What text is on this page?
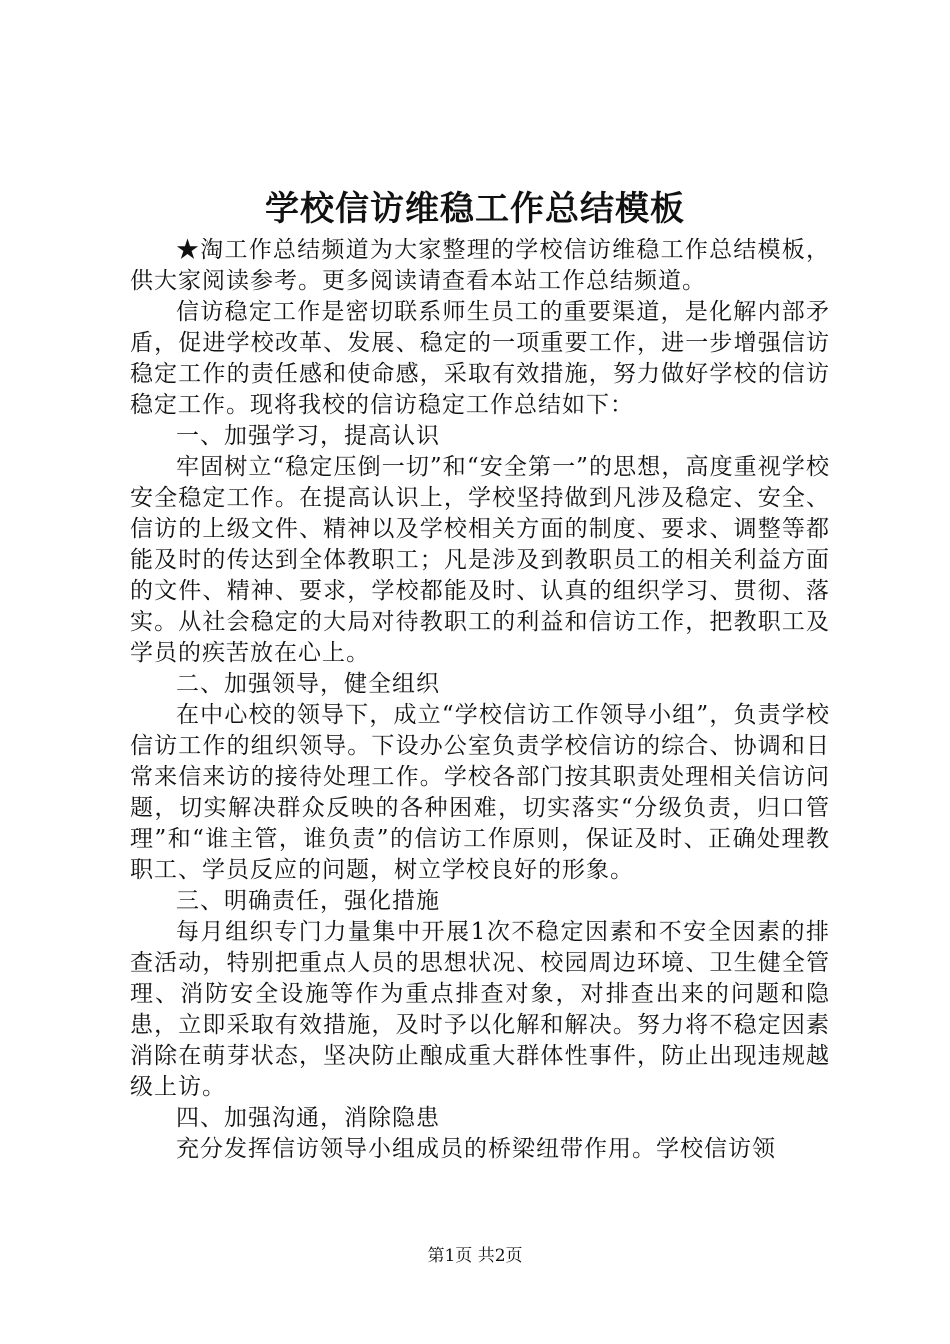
学校信访维稳工作总结模板

★淘工作总结频道为大家整理的学校信访维稳工作总结模板，供大家阅读参考。更多阅读请查看本站工作总结频道。

信访稳定工作是密切联系师生员工的重要渠道，是化解内部矛盾，促进学校改革、发展、稳定的一项重要工作，进一步增强信访稳定工作的责任感和使命感，采取有效措施，努力做好学校的信访稳定工作。现将我校的信访稳定工作总结如下：

一、加强学习，提高认识

牢固树立“稳定压倒一切”和“安全第一”的思想，高度重视学校安全稳定工作。在提高认识上，学校坚持做到凡涉及稳定、安全、信访的上级文件、精神以及学校相关方面的制度、要求、调整等都能及时的传达到全体教职工；凡是涉及到教职员工的相关利益方面的文件、精神、要求，学校都能及时、认真的组织学习、贯彻、落实。从社会稳定的大局对待教职工的利益和信访工作，把教职工及学员的疾苦放在心上。

二、加强领导，健全组织

在中心校的领导下，成立“学校信访工作领导小组”，负责学校信访工作的组织领导。下设办公室负责学校信访的综合、协调和日常来信来访的接待处理工作。学校各部门按其职责处理相关信访问题，切实解决群众反映的各种困难，切实落实“分级负责，归口管理”和“谁主管，谁负责”的信访工作原则，保证及时、正确处理教职工、学员反应的问题，树立学校良好的形象。

三、明确责任，强化措施

每月组织专门力量集中开展1次不稳定因素和不安全因素的排查活动，特别把重点人员的思想状况、校园周边环境、卫生健全管理、消防安全设施等作为重点排查对象，对排查出来的问题和隐患，立即采取有效措施，及时予以化解和解决。努力将不稳定因素消除在萌芽状态，坚决防止酿成重大群体性事件，防止出现违规越级上访。

四、加强沟通，消除隐患

充分发挥信访领导小组成员的桥梁纽带作用。学校信访领

第1页 共2页
